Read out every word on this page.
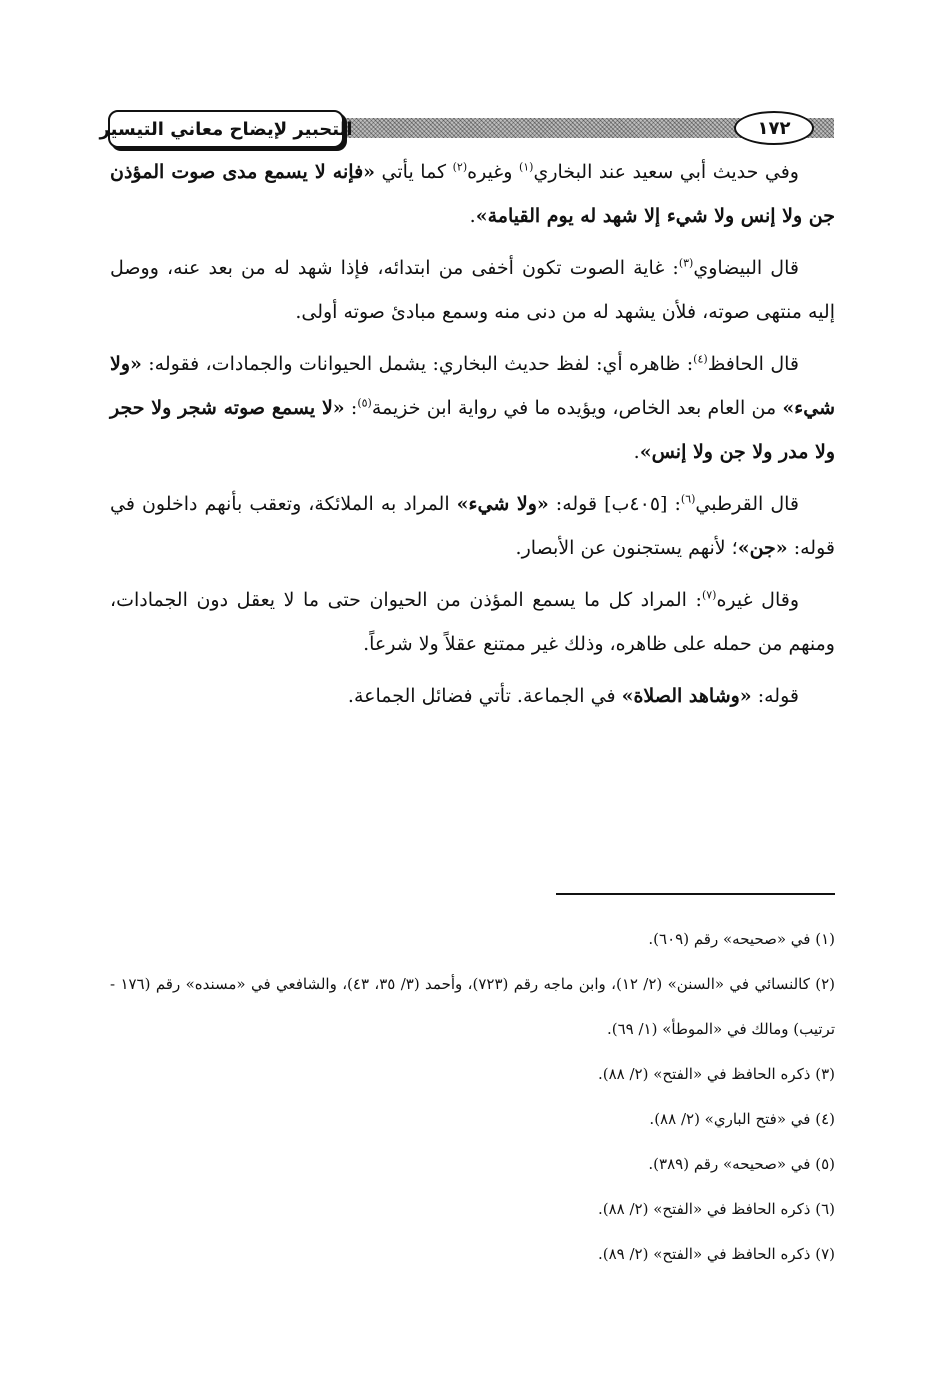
التحبير لإيضاح معاني التيسير	١٧٢

وفي حديث أبي سعيد عند البخاري$^{(١)}$ وغيره$^{(٢)}$ كما يأتي «فإنه لا يسمع مدى صوت المؤذن جن ولا إنس ولا شيء إلا شهد له يوم القيامة».

قال البيضاوي$^{(٣)}$: غاية الصوت تكون أخفى من ابتدائه، فإذا شهد له من بعد عنه، ووصل إليه منتهى صوته، فلأن يشهد له من دنى منه وسمع مبادئ صوته أولى.

قال الحافظ$^{(٤)}$: ظاهره أي: لفظ حديث البخاري: يشمل الحيوانات والجمادات، فقوله: «ولا شيء» من العام بعد الخاص، ويؤيده ما في رواية ابن خزيمة$^{(٥)}$: «لا يسمع صوته شجر ولا حجر ولا مدر ولا جن ولا إنس».

قال القرطبي$^{(٦)}$: [٤٠٥ب] قوله: «ولا شيء» المراد به الملائكة، وتعقب بأنهم داخلون في قوله: «جن»؛ لأنهم يستجنون عن الأبصار.

وقال غيره$^{(٧)}$: المراد كل ما يسمع المؤذن من الحيوان حتى ما لا يعقل دون الجمادات، ومنهم من حمله على ظاهره، وذلك غير ممتنع عقلاً ولا شرعاً.

قوله: «وشاهد الصلاة» في الجماعة. تأتي فضائل الجماعة.

(١) في «صحيحه» رقم (٦٠٩).

(٢) كالنسائي في «السنن» (٢/ ١٢)، وابن ماجه رقم (٧٢٣)، وأحمد (٣/ ٣٥، ٤٣)، والشافعي في «مسنده» رقم (١٧٦ - ترتيب) ومالك في «الموطأ» (١/ ٦٩).

(٣) ذكره الحافظ في «الفتح» (٢/ ٨٨).

(٤) في «فتح الباري» (٢/ ٨٨).

(٥) في «صحيحه» رقم (٣٨٩).

(٦) ذكره الحافظ في «الفتح» (٢/ ٨٨).

(٧) ذكره الحافظ في «الفتح» (٢/ ٨٩).
